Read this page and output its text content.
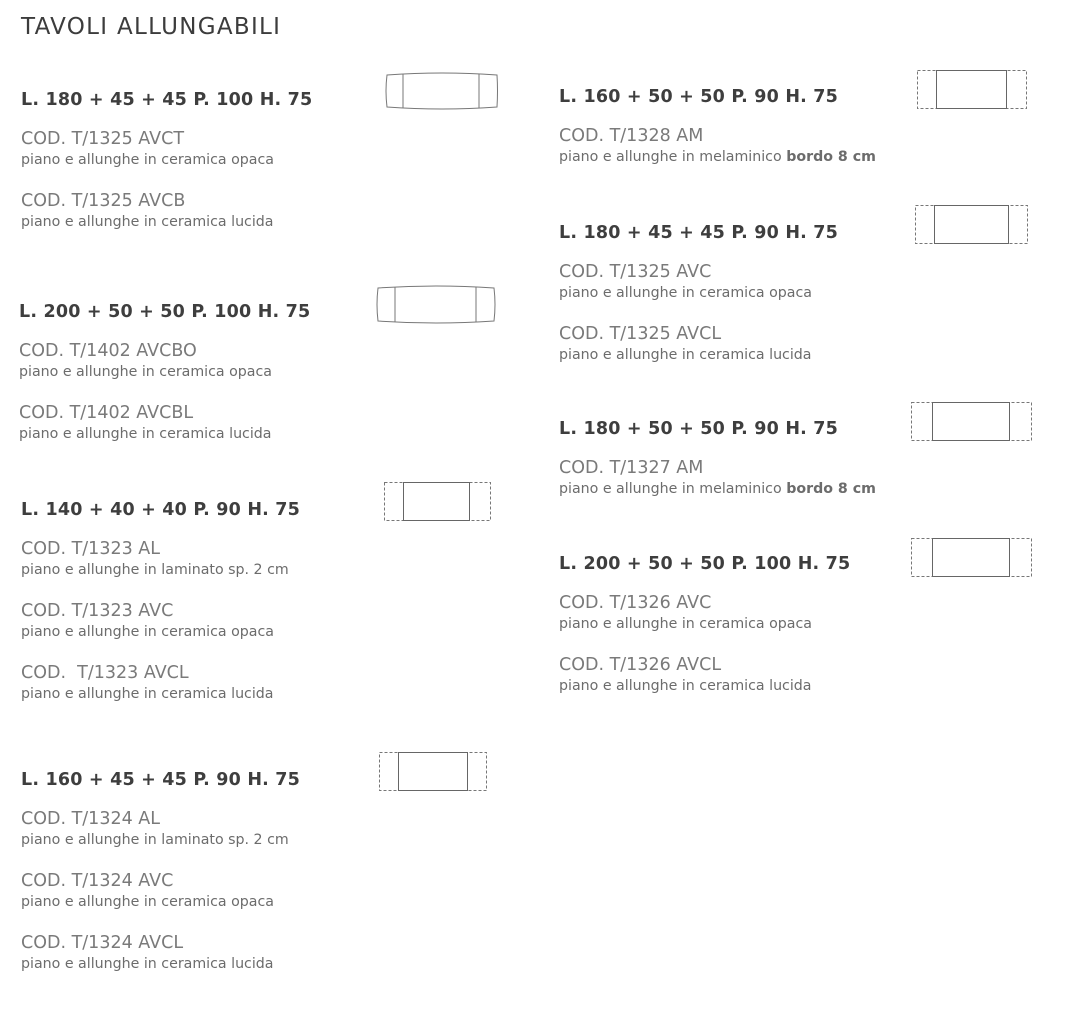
TAVOLI ALLUNGABILI
L. 180 + 45 + 45 P. 100 H. 75
COD. T/1325 AVCT
piano e allunghe in ceramica opaca
COD. T/1325 AVCB
piano e allunghe in ceramica lucida
L. 200 + 50 + 50 P. 100 H. 75
COD. T/1402 AVCBO
piano e allunghe in ceramica opaca
COD. T/1402 AVCBL
piano e allunghe in ceramica lucida
L. 140 + 40 + 40 P. 90 H. 75
COD. T/1323 AL
piano e allunghe in laminato sp. 2 cm
COD. T/1323 AVC
piano e allunghe in ceramica opaca
COD.  T/1323 AVCL
piano e allunghe in ceramica lucida
L. 160 + 45 + 45 P. 90 H. 75
COD. T/1324 AL
piano e allunghe in laminato sp. 2 cm
COD. T/1324 AVC
piano e allunghe in ceramica opaca
COD. T/1324 AVCL
piano e allunghe in ceramica lucida
L. 160 + 50 + 50 P. 90 H. 75
COD. T/1328 AM
piano e allunghe in melaminico bordo 8 cm
L. 180 + 45 + 45 P. 90 H. 75
COD. T/1325 AVC
piano e allunghe in ceramica opaca
COD. T/1325 AVCL
piano e allunghe in ceramica lucida
L. 180 + 50 + 50 P. 90 H. 75
COD. T/1327 AM
piano e allunghe in melaminico bordo 8 cm
L. 200 + 50 + 50 P. 100 H. 75
COD. T/1326 AVC
piano e allunghe in ceramica opaca
COD. T/1326 AVCL
piano e allunghe in ceramica lucida
